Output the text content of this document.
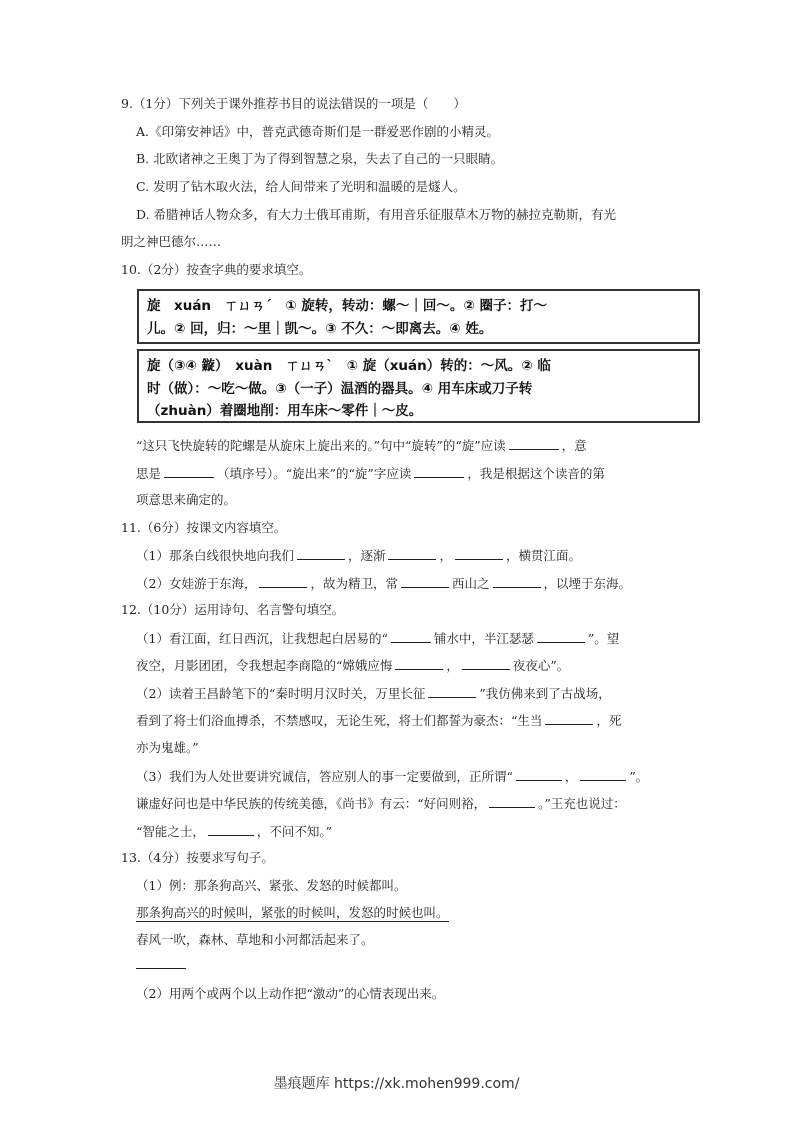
9.（1分）下列关于课外推荐书目的说法错误的一项是（　　）
A.《印第安神话》中，普克武德奇斯们是一群爱恶作剧的小精灵。
B. 北欧诸神之王奥丁为了得到智慧之泉，失去了自己的一只眼睛。
C. 发明了钻木取火法，给人间带来了光明和温暖的是燧人。
D. 希腊神话人物众多，有大力士俄耳甫斯，有用音乐征服草木万物的赫拉克勒斯，有光
明之神巴德尔……
10.（2分）按查字典的要求填空。
旋　xuán　ㄒㄩㄢˊ　① 旋转，转动：螺～｜回～。② 圈子：打～
儿。② 回，归：～里｜凯～。③ 不久：～即离去。④ 姓。
旋（③④ 鏇）　xuàn　ㄒㄩㄢˋ　① 旋（xuán）转的：～风。② 临
时（做）：～吃～做。③（一子）温酒的器具。④ 用车床或刀子转
（zhuàn）着圈地削：用车床～零件｜～皮。
“这只飞快旋转的陀螺是从旋床上旋出来的。”句中“旋转”的“旋”应读	，意
思是	（填序号）。“旋出来”的“旋”字应读	，我是根据这个读音的第
项意思来确定的。
11.（6分）按课文内容填空。
（1）那条白线很快地向我们	，逐渐	，	，横贯江面。
（2）女娃游于东海，	，故为精卫，常	西山之	，以堙于东海。
12.（10分）运用诗句、名言警句填空。
（1）看江面，红日西沉，让我想起白居易的“	铺水中，半江瑟瑟	”。望
夜空，月影团团，令我想起李商隐的“嫦娥应悔	，	夜夜心”。
（2）读着王昌龄笔下的“秦时明月汉时关，万里长征	”我仿佛来到了古战场，
看到了将士们浴血搏杀，不禁感叹，无论生死，将士们都誓为豪杰：“生当	，死
亦为鬼雄。”
（3）我们为人处世要讲究诚信，答应别人的事一定要做到，正所谓“	，	”。
谦虚好问也是中华民族的传统美德，《尚书》有云：“好问则裕，	。”王充也说过：
“智能之士，	，不问不知。”
13.（4分）按要求写句子。
（1）例：那条狗高兴、紧张、发怒的时候都叫。
那条狗高兴的时候叫，紧张的时候叫，发怒的时候也叫。
春风一吹，森林、草地和小河都活起来了。
（2）用两个或两个以上动作把“激动”的心情表现出来。
墨痕题库 https://xk.mohen999.com/
